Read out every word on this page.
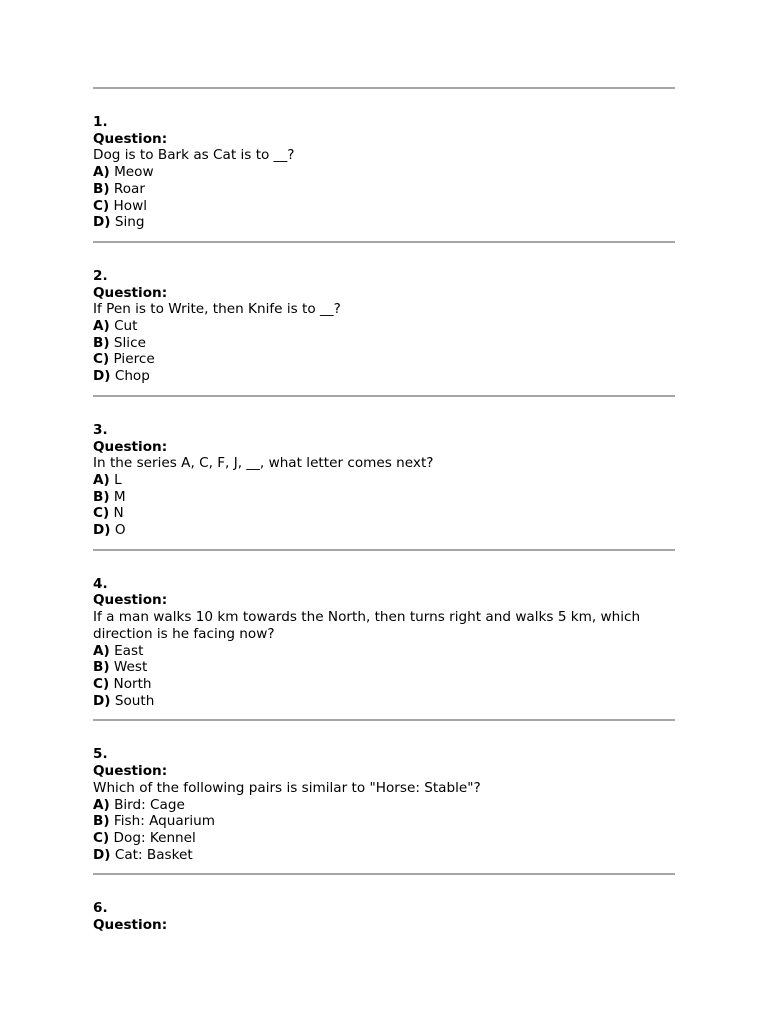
1.
Question:
Dog is to Bark as Cat is to __?
A) Meow
B) Roar
C) Howl
D) Sing
2.
Question:
If Pen is to Write, then Knife is to __?
A) Cut
B) Slice
C) Pierce
D) Chop
3.
Question:
In the series A, C, F, J, __, what letter comes next?
A) L
B) M
C) N
D) O
4.
Question:
If a man walks 10 km towards the North, then turns right and walks 5 km, which direction is he facing now?
A) East
B) West
C) North
D) South
5.
Question:
Which of the following pairs is similar to "Horse: Stable"?
A) Bird: Cage
B) Fish: Aquarium
C) Dog: Kennel
D) Cat: Basket
6.
Question:
